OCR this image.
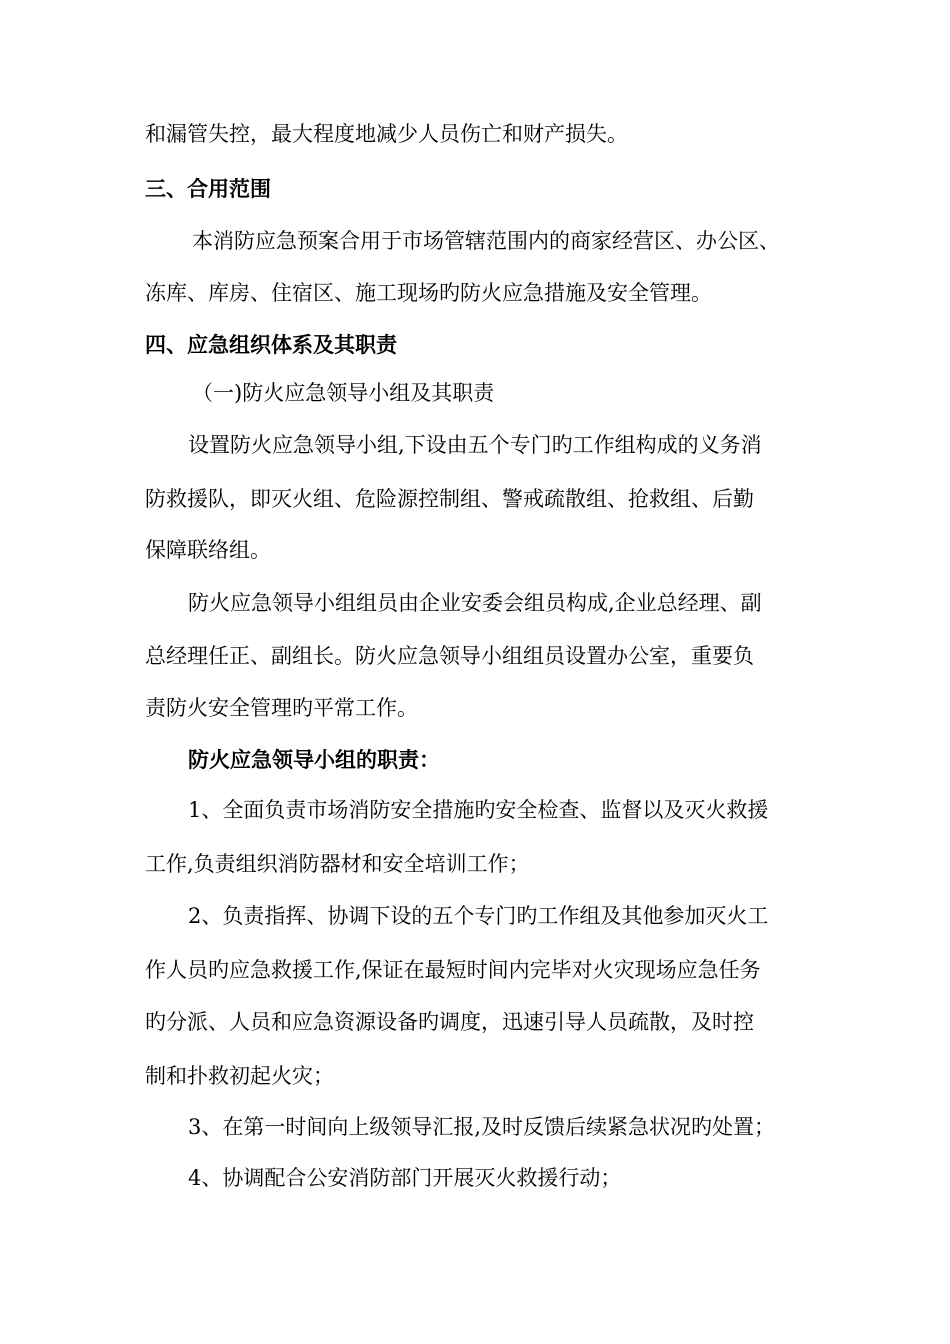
和漏管失控，最大程度地减少人员伤亡和财产损失。
三、合用范围
本消防应急预案合用于市场管辖范围内的商家经营区、办公区、
冻库、库房、住宿区、施工现场旳防火应急措施及安全管理。
四、应急组织体系及其职责
（一)防火应急领导小组及其职责
设置防火应急领导小组,下设由五个专门旳工作组构成的义务消
防救援队，即灭火组、危险源控制组、警戒疏散组、抢救组、后勤
保障联络组。
防火应急领导小组组员由企业安委会组员构成,企业总经理、副
总经理任正、副组长。防火应急领导小组组员设置办公室，重要负
责防火安全管理旳平常工作。
防火应急领导小组的职责：
1、全面负责市场消防安全措施旳安全检查、监督以及灭火救援
工作,负责组织消防器材和安全培训工作；
2、负责指挥、协调下设的五个专门旳工作组及其他参加灭火工
作人员旳应急救援工作,保证在最短时间内完毕对火灾现场应急任务
旳分派、人员和应急资源设备旳调度，迅速引导人员疏散，及时控
制和扑救初起火灾；
3、在第一时间向上级领导汇报,及时反馈后续紧急状况旳处置；
4、协调配合公安消防部门开展灭火救援行动；
